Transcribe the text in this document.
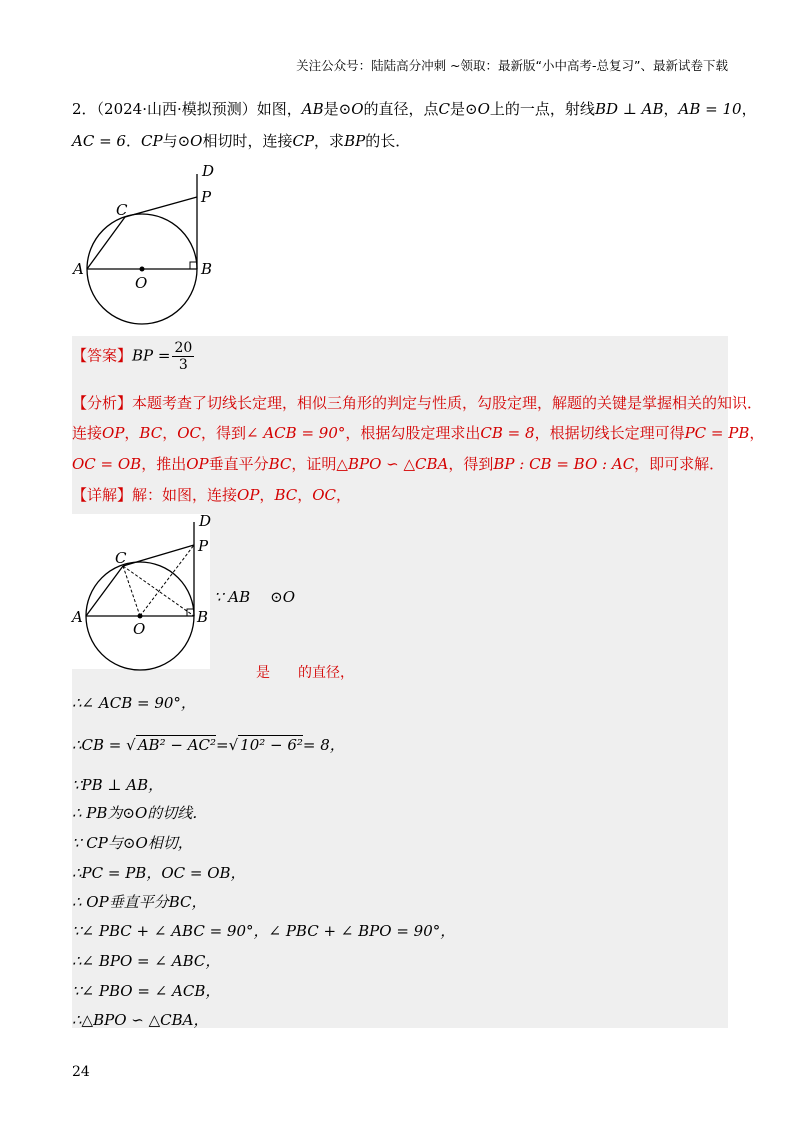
关注公众号：陆陆高分冲刺 ~领取：最新版“小中高考-总复习”、最新试卷下载
2．（2024·山西·模拟预测）如图，AB是⊙O的直径，点C是⊙O上的一点，射线BD ⊥ AB，AB = 10，
AC = 6．CP与⊙O相切时，连接CP，求BP的长．
D
P
C
A	B
O
【答案】BP = $\frac{20}{3}$
【分析】本题考查了切线长定理，相似三角形的判定与性质，勾股定理，解题的关键是掌握相关的知识．
连接OP，BC，OC，得到∠ ACB = 90°，根据勾股定理求出CB = 8，根据切线长定理可得PC = PB，
OC = OB，推出OP垂直平分BC，证明△BPO ∽ △CBA，得到BP : CB = BO : AC，即可求解．
【详解】解：如图，连接OP，BC，OC，
D
P
C
A	B
O
∵ AB ⊙O
是 的直径，
∴∠ ACB = 90°，
∴CB = √ AB² − AC²=√ 10² − 6²= 8，
∵PB ⊥ AB，
∴ PB为⊙O的切线．
∵ CP与⊙O相切，
∴PC = PB，OC = OB，
∴ OP垂直平分BC，
∵∠ PBC + ∠ ABC = 90°，∠ PBC + ∠ BPO = 90°，
∴∠ BPO = ∠ ABC，
∵∠ PBO = ∠ ACB，
∴△BPO ∽ △CBA，
24
